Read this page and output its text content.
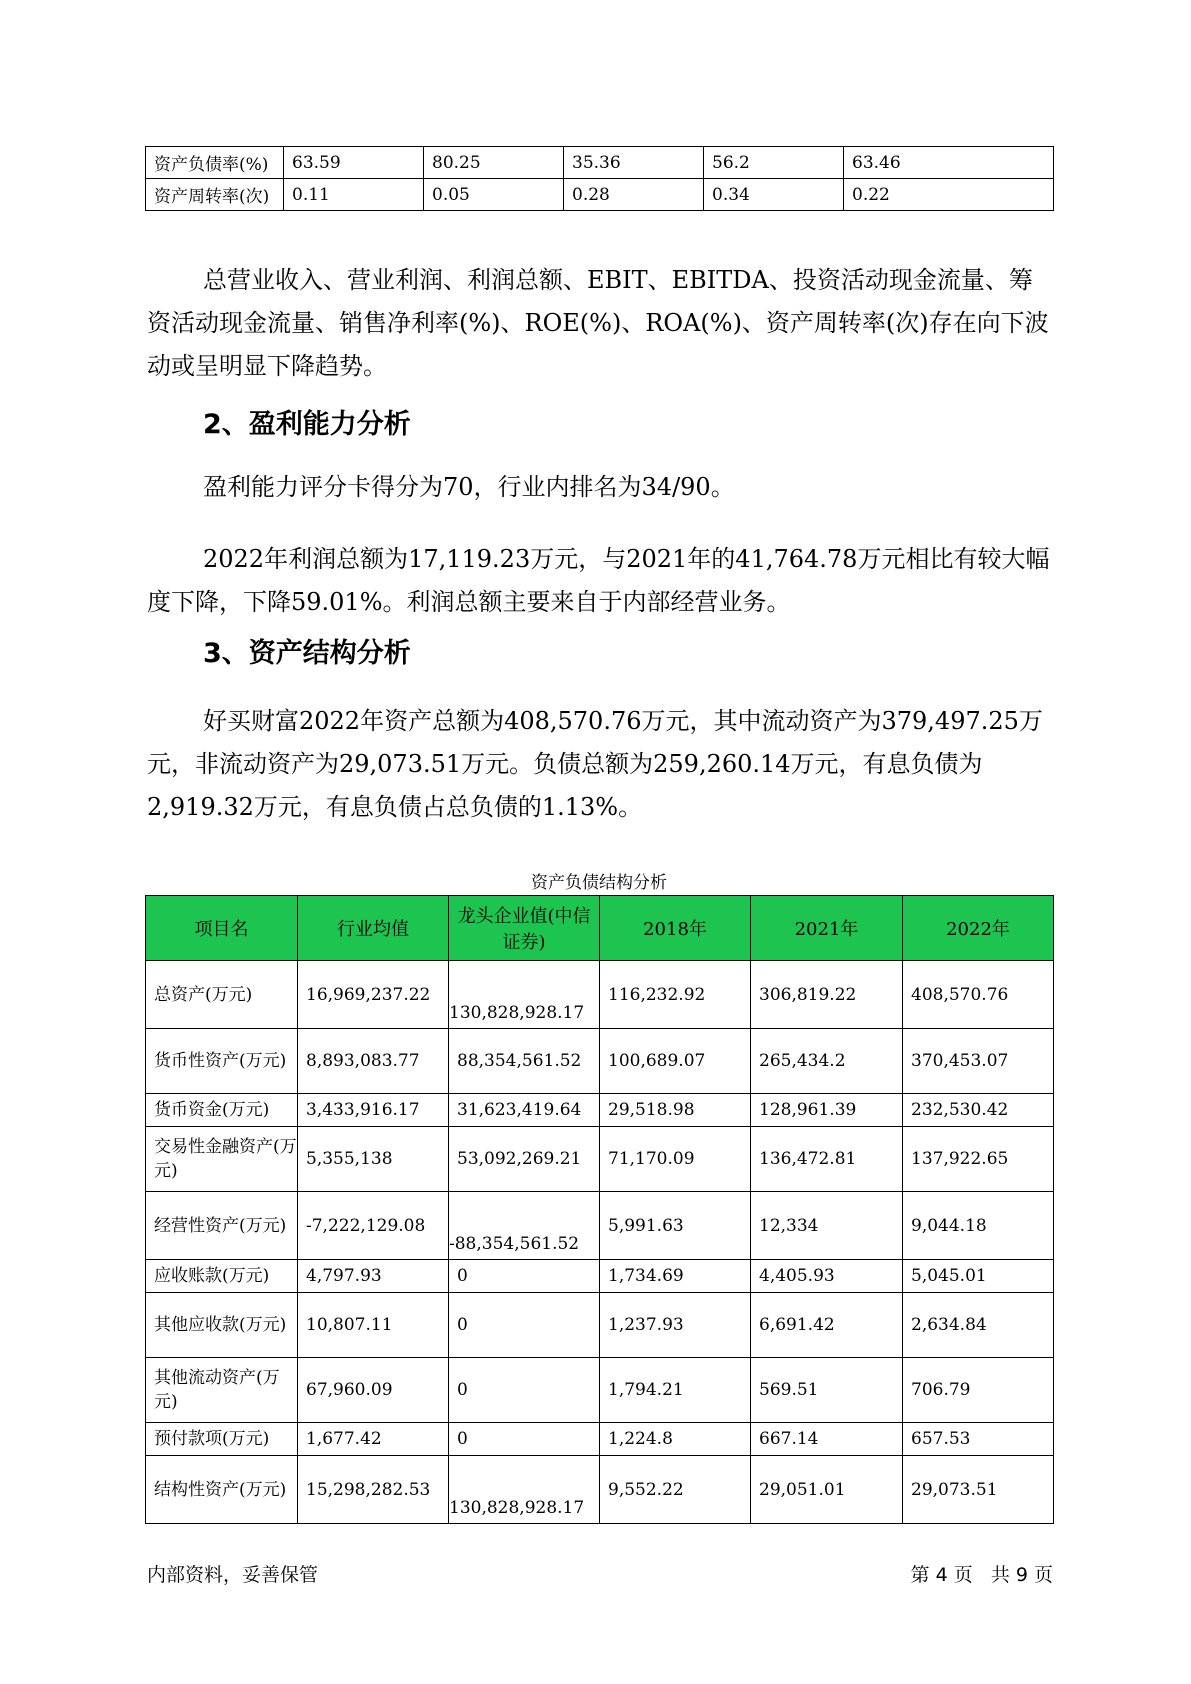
资产负债率(%)	63.59	80.25	35.36	56.2	63.46
资产周转率(次)	0.11	0.05	0.28	0.34	0.22

总营业收入、营业利润、利润总额、EBIT、EBITDA、投资活动现金流量、筹资活动现金流量、销售净利率(%)、ROE(%)、ROA(%)、资产周转率(次)存在向下波动或呈明显下降趋势。

2、盈利能力分析

盈利能力评分卡得分为70，行业内排名为34/90。

2022年利润总额为17,119.23万元，与2021年的41,764.78万元相比有较大幅度下降，下降59.01%。利润总额主要来自于内部经营业务。

3、资产结构分析

好买财富2022年资产总额为408,570.76万元，其中流动资产为379,497.25万元，非流动资产为29,073.51万元。负债总额为259,260.14万元，有息负债为2,919.32万元，有息负债占总负债的1.13%。

资产负债结构分析
项目名	行业均值	龙头企业值(中信证券)	2018年	2021年	2022年
总资产(万元)	16,969,237.22	130,828,928.17	116,232.92	306,819.22	408,570.76
货币性资产(万元)	8,893,083.77	88,354,561.52	100,689.07	265,434.2	370,453.07
货币资金(万元)	3,433,916.17	31,623,419.64	29,518.98	128,961.39	232,530.42
交易性金融资产(万元)	5,355,138	53,092,269.21	71,170.09	136,472.81	137,922.65
经营性资产(万元)	-7,222,129.08	-88,354,561.52	5,991.63	12,334	9,044.18
应收账款(万元)	4,797.93	0	1,734.69	4,405.93	5,045.01
其他应收款(万元)	10,807.11	0	1,237.93	6,691.42	2,634.84
其他流动资产(万元)	67,960.09	0	1,794.21	569.51	706.79
预付款项(万元)	1,677.42	0	1,224.8	667.14	657.53
结构性资产(万元)	15,298,282.53	130,828,928.17	9,552.22	29,051.01	29,073.51
内部资料，妥善保管	第 4 页   共 9 页
